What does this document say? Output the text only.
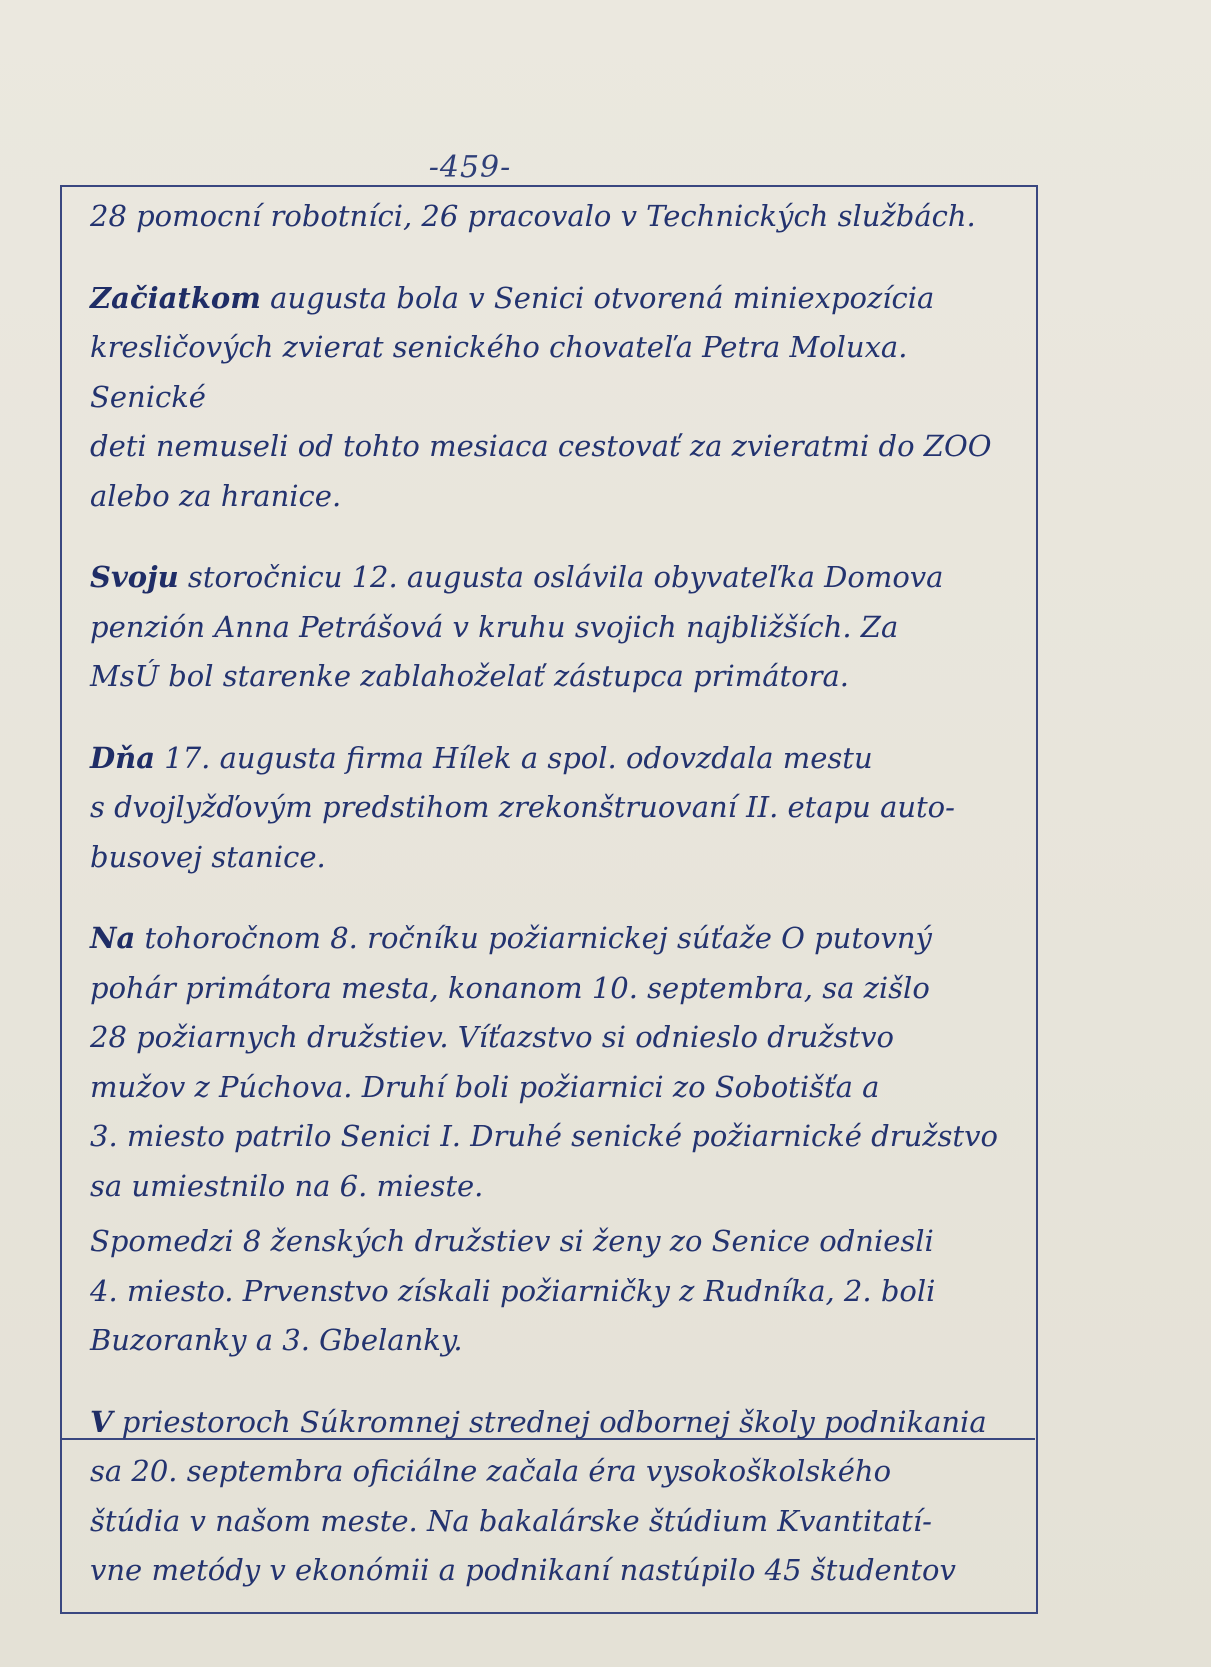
-459-

28 pomocní robotníci, 26 pracovalo v Technických službách.

Začiatkom augusta bola v Senici otvorená miniexpozícia
kresličových zvierat senického chovateľa Petra Moluxa. Senické
deti nemuseli od tohto mesiaca cestovať za zvieratmi do ZOO
alebo za hranice.

Svoju storočnicu 12. augusta oslávila obyvateľka Domova
penzión Anna Petrášová v kruhu svojich najbližších. Za
MsÚ bol starenke zablahoželať zástupca primátora.

Dňa 17. augusta firma Hílek a spol. odovzdala mestu
s dvojlyžďovým predstihom zrekonštruovaní II. etapu auto-
busovej stanice.

Na tohoročnom 8. ročníku požiarnickej súťaže O putovný
pohár primátora mesta, konanom 10. septembra, sa zišlo
28 požiarnych družstiev. Víťazstvo si odnieslo družstvo
mužov z Púchova. Druhí boli požiarnici zo Sobotišťa a
3. miesto patrilo Senici I. Druhé senické požiarnické družstvo
sa umiestnilo na 6. mieste.

Spomedzi 8 ženských družstiev si ženy zo Senice odniesli
4. miesto. Prvenstvo získali požiarničky z Rudníka, 2. boli
Buzoranky a 3. Gbelanky.

V priestoroch Súkromnej strednej odbornej školy podnikania
sa 20. septembra oficiálne začala éra vysokoškolského
štúdia v našom meste. Na bakalárske štúdium Kvantitatí-
vne metódy v ekonómii a podnikaní nastúpilo 45 študentov
